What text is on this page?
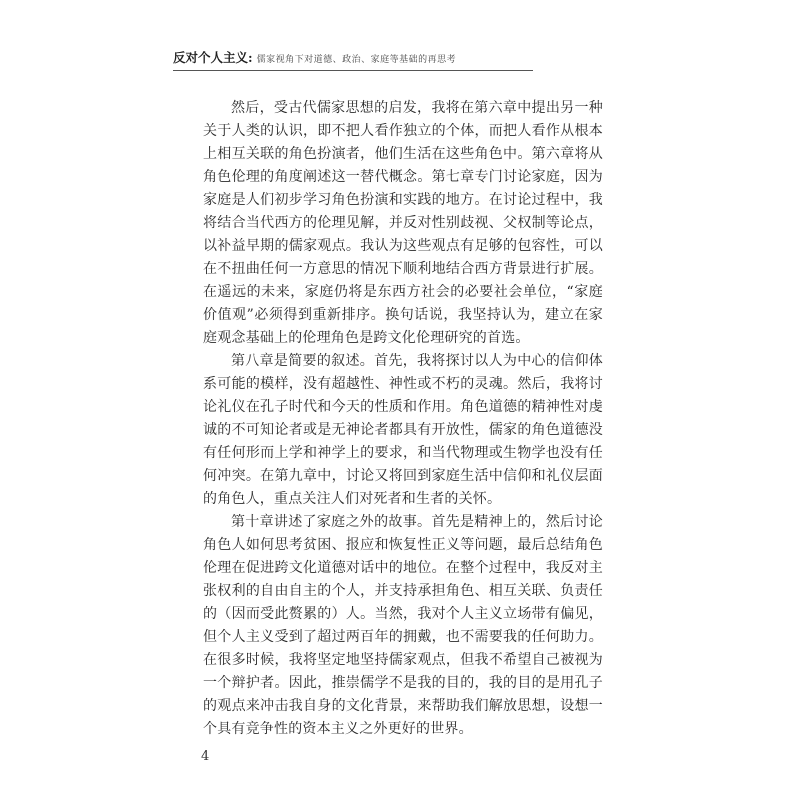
反对个人主义: 儒家视角下对道德、政治、家庭等基础的再思考

然后，受古代儒家思想的启发，我将在第六章中提出另一种关于人类的认识，即不把人看作独立的个体，而把人看作从根本上相互关联的角色扮演者，他们生活在这些角色中。第六章将从角色伦理的角度阐述这一替代概念。第七章专门讨论家庭，因为家庭是人们初步学习角色扮演和实践的地方。在讨论过程中，我将结合当代西方的伦理见解，并反对性别歧视、父权制等论点，以补益早期的儒家观点。我认为这些观点有足够的包容性，可以在不扭曲任何一方意思的情况下顺利地结合西方背景进行扩展。在遥远的未来，家庭仍将是东西方社会的必要社会单位，“家庭价值观”必须得到重新排序。换句话说，我坚持认为，建立在家庭观念基础上的伦理角色是跨文化伦理研究的首选。

第八章是简要的叙述。首先，我将探讨以人为中心的信仰体系可能的模样，没有超越性、神性或不朽的灵魂。然后，我将讨论礼仪在孔子时代和今天的性质和作用。角色道德的精神性对虔诚的不可知论者或是无神论者都具有开放性，儒家的角色道德没有任何形而上学和神学上的要求，和当代物理或生物学也没有任何冲突。在第九章中，讨论又将回到家庭生活中信仰和礼仪层面的角色人，重点关注人们对死者和生者的关怀。

第十章讲述了家庭之外的故事。首先是精神上的，然后讨论角色人如何思考贫困、报应和恢复性正义等问题，最后总结角色伦理在促进跨文化道德对话中的地位。在整个过程中，我反对主张权利的自由自主的个人，并支持承担角色、相互关联、负责任的（因而受此赘累的）人。当然，我对个人主义立场带有偏见，但个人主义受到了超过两百年的拥戴，也不需要我的任何助力。在很多时候，我将坚定地坚持儒家观点，但我不希望自己被视为一个辩护者。因此，推崇儒学不是我的目的，我的目的是用孔子的观点来冲击我自身的文化背景，来帮助我们解放思想，设想一个具有竞争性的资本主义之外更好的世界。

4
